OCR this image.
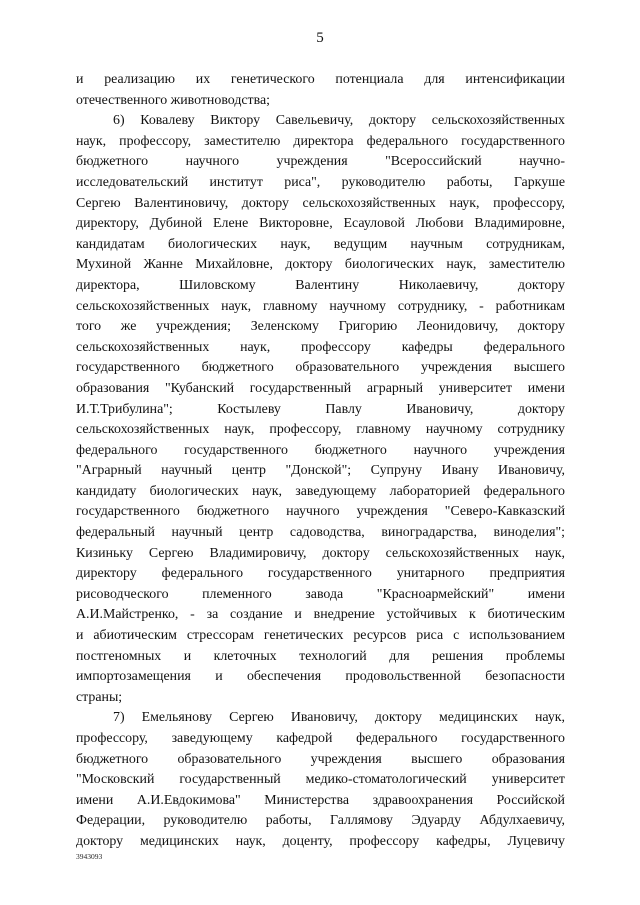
5
и реализацию их генетического потенциала для интенсификации
отечественного животноводства;
6) Ковалеву Виктору Савельевичу, доктору сельскохозяйственных
наук, профессору, заместителю директора федерального государственного
бюджетного научного учреждения "Всероссийский научно-
исследовательский институт риса", руководителю работы, Гаркуше
Сергею Валентиновичу, доктору сельскохозяйственных наук, профессору,
директору, Дубиной Елене Викторовне, Есауловой Любови Владимировне,
кандидатам биологических наук, ведущим научным сотрудникам,
Мухиной Жанне Михайловне, доктору биологических наук, заместителю
директора, Шиловскому Валентину Николаевичу, доктору
сельскохозяйственных наук, главному научному сотруднику, - работникам
того же учреждения; Зеленскому Григорию Леонидовичу, доктору
сельскохозяйственных наук, профессору кафедры федерального
государственного бюджетного образовательного учреждения высшего
образования "Кубанский государственный аграрный университет имени
И.Т.Трибулина"; Костылеву Павлу Ивановичу, доктору
сельскохозяйственных наук, профессору, главному научному сотруднику
федерального государственного бюджетного научного учреждения
"Аграрный научный центр "Донской"; Супруну Ивану Ивановичу,
кандидату биологических наук, заведующему лабораторией федерального
государственного бюджетного научного учреждения "Северо-Кавказский
федеральный научный центр садоводства, виноградарства, виноделия";
Кизиньку Сергею Владимировичу, доктору сельскохозяйственных наук,
директору федерального государственного унитарного предприятия
рисоводческого племенного завода "Красноармейский" имени
А.И.Майстренко, - за создание и внедрение устойчивых к биотическим
и абиотическим стрессорам генетических ресурсов риса с использованием
постгеномных и клеточных технологий для решения проблемы
импортозамещения и обеспечения продовольственной безопасности
страны;
7) Емельянову Сергею Ивановичу, доктору медицинских наук,
профессору, заведующему кафедрой федерального государственного
бюджетного образовательного учреждения высшего образования
"Московский государственный медико-стоматологический университет
имени А.И.Евдокимова" Министерства здравоохранения Российской
Федерации, руководителю работы, Галлямову Эдуарду Абдулхаевичу,
доктору медицинских наук, доценту, профессору кафедры, Луцевичу
3943093
